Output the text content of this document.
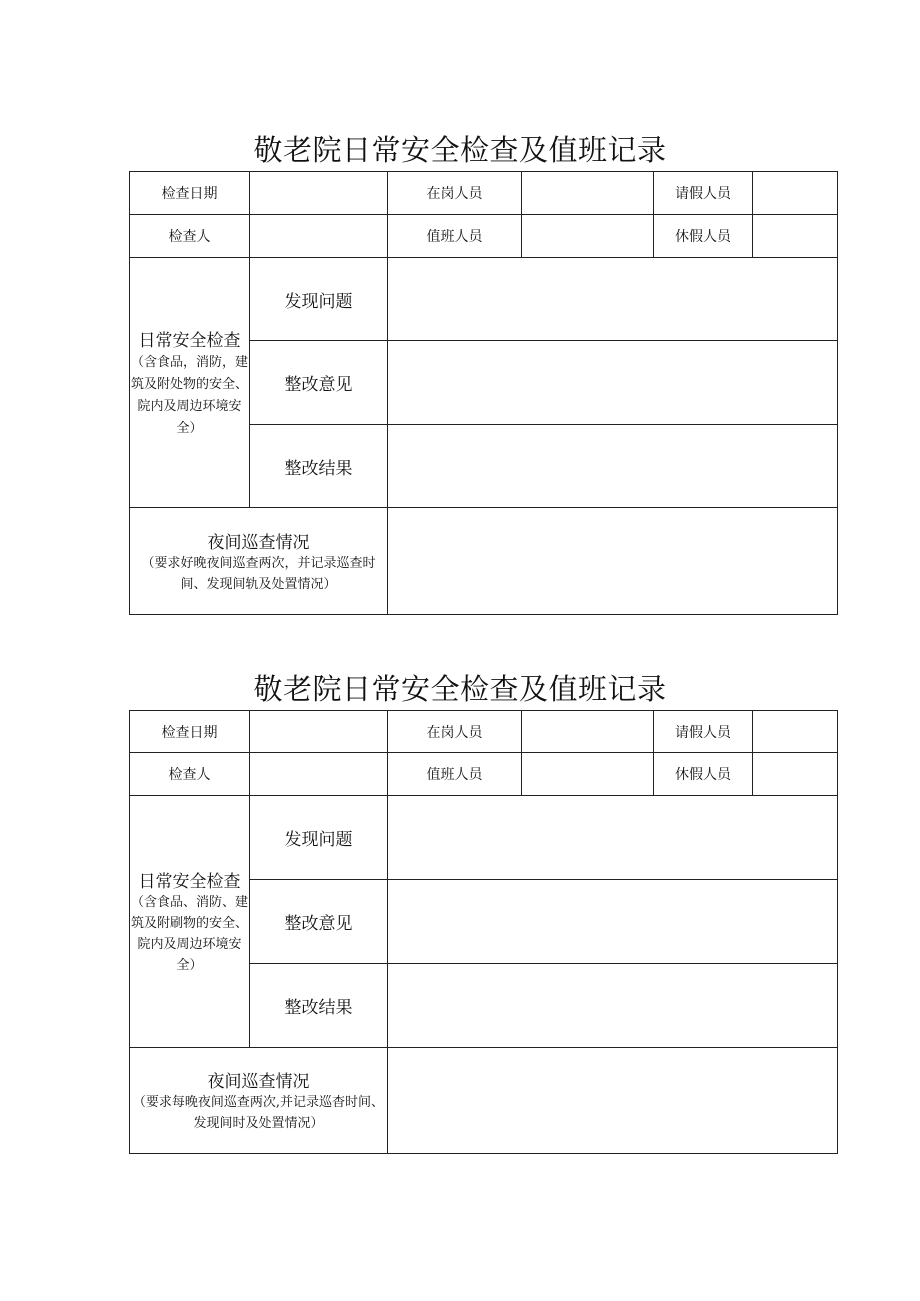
敬老院日常安全检查及值班记录
检查日期		在岗人员		请假人员	
检查人		值班人员		休假人员	
日常安全检查（含食品，消防，建筑及附处物的安全、院内及周边环境安全）	发现问题				
	整改意见				
	整改结果				

夜间巡查情况
（要求好晚夜间巡查两次，并记录巡查时间、发现间轨及处置情况）					

敬老院日常安全检查及值班记录
检查日期		在岗人员		请假人员	
检查人		值班人员		休假人员	

日常安全检查
（含食品、消防、建筑及附刷物的安全、院内及周边环境安全）	发现问题				
	整改意见				
	整改结果				

夜间巡查情况
（要求每晚夜间巡查两次,并记录巡杳时间、发现间时及处置情况）					
